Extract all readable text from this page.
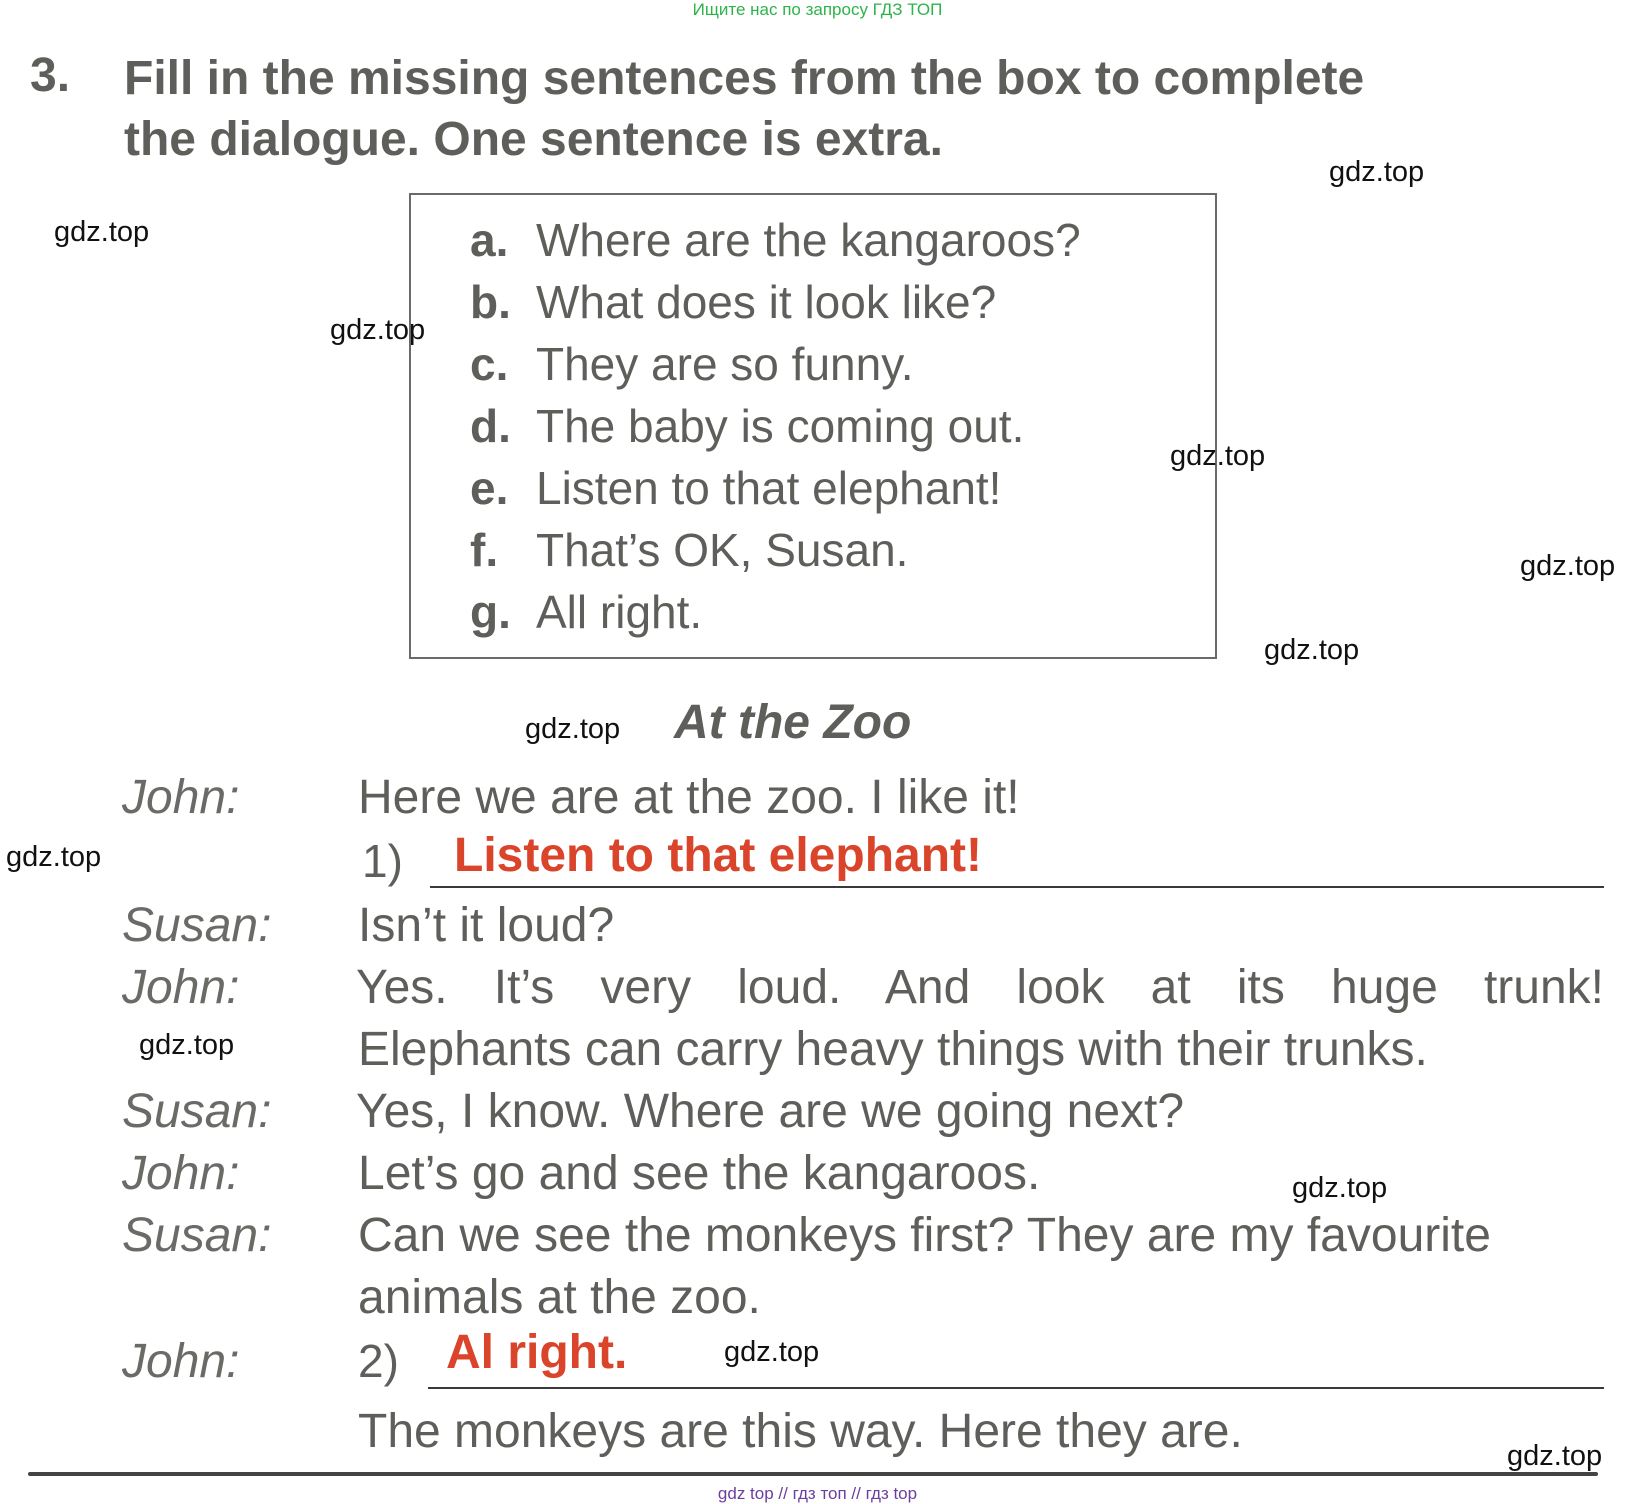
Ищите нас по запросу ГДЗ ТОП
3. Fill in the missing sentences from the box to complete
the dialogue. One sentence is extra.
a. Where are the kangaroos?
b. What does it look like?
c. They are so funny.
d. The baby is coming out.
e. Listen to that elephant!
f. That’s OK, Susan.
g. All right.
At the Zoo
John: Here we are at the zoo. I like it!
1) Listen to that elephant!
Susan: Isn’t it loud?
John: Yes. It’s very loud. And look at its huge trunk!
Elephants can carry heavy things with their trunks.
Susan: Yes, I know. Where are we going next?
John: Let’s go and see the kangaroos.
Susan: Can we see the monkeys first? They are my favourite
animals at the zoo.
John:	2) Al right.
The monkeys are this way. Here they are.
gdz.top
gdz.top
gdz.top
gdz.top
gdz.top
gdz.top
gdz.top
gdz.top
gdz.top
gdz.top
gdz.top
gdz.top
gdz top // гдз топ // гдз top
